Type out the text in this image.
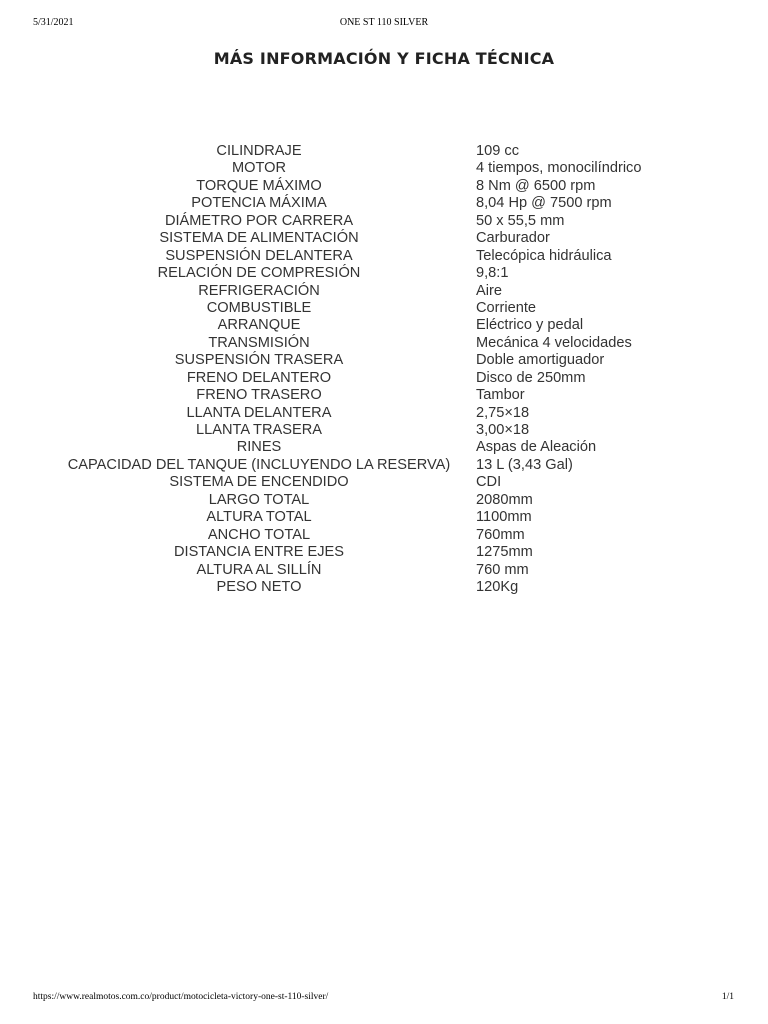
5/31/2021	ONE ST 110 SILVER
MÁS INFORMACIÓN Y FICHA TÉCNICA
CILINDRAJE	109 cc
MOTOR	4 tiempos, monocilíndrico
TORQUE MÁXIMO	8 Nm @ 6500 rpm
POTENCIA MÁXIMA	8,04 Hp @ 7500 rpm
DIÁMETRO POR CARRERA	50 x 55,5 mm
SISTEMA DE ALIMENTACIÓN	Carburador
SUSPENSIÓN DELANTERA	Telecópica hidráulica
RELACIÓN DE COMPRESIÓN	9,8:1
REFRIGERACIÓN	Aire
COMBUSTIBLE	Corriente
ARRANQUE	Eléctrico y pedal
TRANSMISIÓN	Mecánica 4 velocidades
SUSPENSIÓN TRASERA	Doble amortiguador
FRENO DELANTERO	Disco de 250mm
FRENO TRASERO	Tambor
LLANTA DELANTERA	2,75×18
LLANTA TRASERA	3,00×18
RINES	Aspas de Aleación
CAPACIDAD DEL TANQUE (INCLUYENDO LA RESERVA)	13 L (3,43 Gal)
SISTEMA DE ENCENDIDO	CDI
LARGO TOTAL	2080mm
ALTURA TOTAL	1100mm
ANCHO TOTAL	760mm
DISTANCIA ENTRE EJES	1275mm
ALTURA AL SILLÍN	760 mm
PESO NETO	120Kg
https://www.realmotos.com.co/product/motocicleta-victory-one-st-110-silver/	1/1
